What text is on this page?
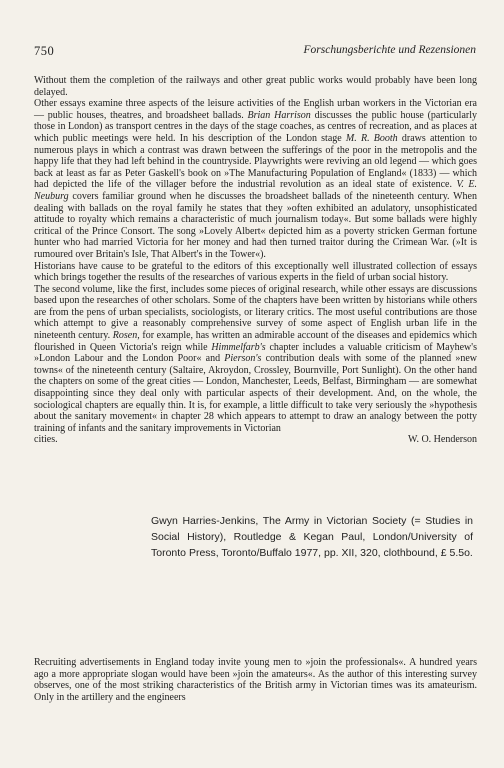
750	Forschungsberichte und Rezensionen

Without them the completion of the railways and other great public works would probably have been long delayed.

Other essays examine three aspects of the leisure activities of the English urban workers in the Victorian era — public houses, theatres, and broadsheet ballads. Brian Harrison discusses the public house (particularly those in London) as transport centres in the days of the stage coaches, as centres of recreation, and as places at which public meetings were held. In his description of the London stage M. R. Booth draws attention to numerous plays in which a contrast was drawn between the sufferings of the poor in the metropolis and the happy life that they had left behind in the countryside. Playwrights were reviving an old legend — which goes back at least as far as Peter Gaskell's book on »The Manufacturing Population of England« (1833) — which had depicted the life of the villager before the industrial revolution as an ideal state of existence. V. E. Neuburg covers familiar ground when he discusses the broadsheet ballads of the nineteenth century. When dealing with ballads on the royal family he states that they »often exhibited an adulatory, unsophisticated attitude to royalty which remains a characteristic of much journalism today«. But some ballads were highly critical of the Prince Consort. The song »Lovely Albert« depicted him as a poverty stricken German fortune hunter who had married Victoria for her money and had then turned traitor during the Crimean War. (»It is rumoured over Britain's Isle, That Albert's in the Tower«).

Historians have cause to be grateful to the editors of this exceptionally well illustrated collection of essays which brings together the results of the researches of various experts in the field of urban social history.

The second volume, like the first, includes some pieces of original research, while other essays are discussions based upon the researches of other scholars. Some of the chapters have been written by historians while others are from the pens of urban specialists, sociologists, or literary critics. The most useful contributions are those which attempt to give a reasonably comprehensive survey of some aspect of English urban life in the nineteenth century. Rosen, for example, has written an admirable account of the diseases and epidemics which flourished in Queen Victoria's reign while Himmelfarb's chapter includes a valuable criticism of Mayhew's »London Labour and the London Poor« and Pierson's contribution deals with some of the planned »new towns« of the nineteenth century (Saltaire, Akroydon, Crossley, Bournville, Port Sunlight). On the other hand the chapters on some of the great cities — London, Manchester, Leeds, Belfast, Birmingham — are somewhat disappointing since they deal only with particular aspects of their development. And, on the whole, the sociological chapters are equally thin. It is, for example, a little difficult to take very seriously the »hypothesis about the sanitary movement« in chapter 28 which appears to attempt to draw an analogy between the potty training of infants and the sanitary improvements in Victorian

cities.	W. O. Henderson
Gwyn Harries-Jenkins, The Army in Victorian Society (= Studies in Social History), Routledge & Kegan Paul, London/University of Toronto Press, Toronto/Buffalo 1977, pp. XII, 320, clothbound, £ 5.5o.

Recruiting advertisements in England today invite young men to »join the professionals«. A hundred years ago a more appropriate slogan would have been »join the amateurs«. As the author of this interesting survey observes, one of the most striking characteristics of the British army in Victorian times was its amateurism. Only in the artillery and the engineers
